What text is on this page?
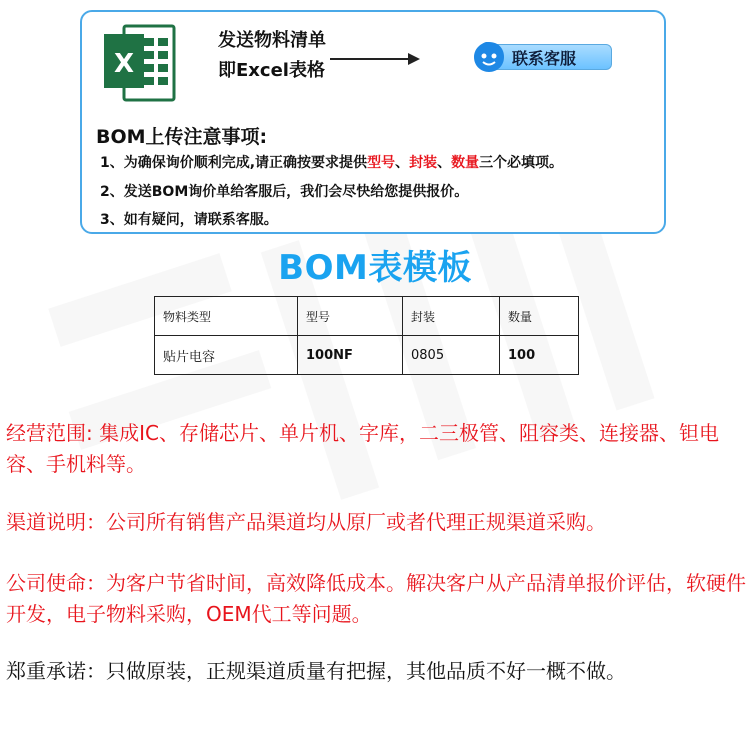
X
发送物料清单
即Excel表格
联系客服
BOM上传注意事项:
1、为确保询价顺利完成,请正确按要求提供型号、封装、数量三个必填项。
2、发送BOM询价单给客服后，我们会尽快给您提供报价。
3、如有疑问，请联系客服。
BOM表模板
物料类型	型号	封装	数量
贴片电容	100NF	0805	100
经营范围: 集成IC、存储芯片、单片机、字库，二三极管、阻容类、连接器、钽电容、手机料等。
渠道说明：公司所有销售产品渠道均从原厂或者代理正规渠道采购。
公司使命：为客户节省时间，高效降低成本。解决客户从产品清单报价评估，软硬件开发，电子物料采购，OEM代工等问题。
郑重承诺：只做原装，正规渠道质量有把握，其他品质不好一概不做。
